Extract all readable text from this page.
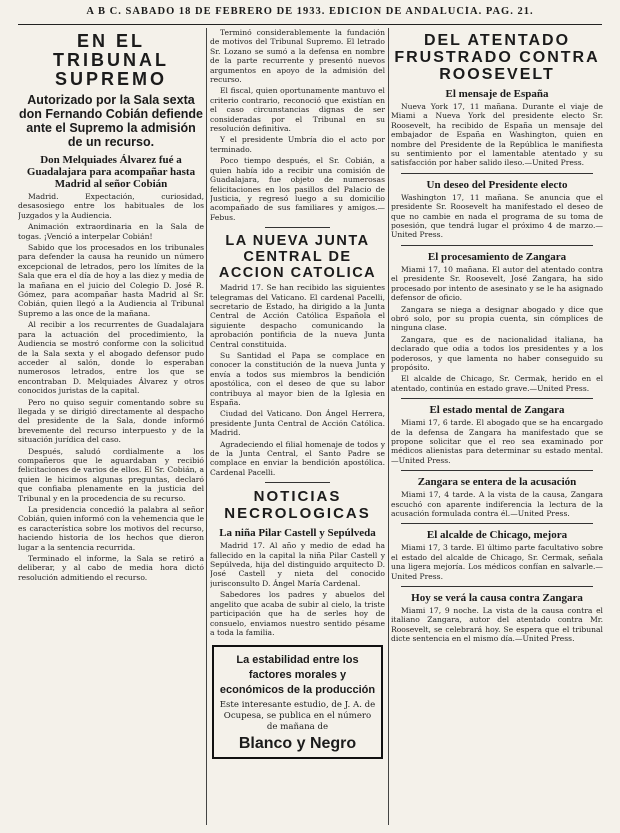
A B C. SÁBADO 18 DE FEBRERO DE 1933. EDICIÓN DE ANDALUCÍA. PAG. 21.
EN EL TRIBUNAL SUPREMO
Autorizado por la Sala sexta don Fernando Cobián defiende ante el Supremo la admisión de un recurso.
Don Melquiades Álvarez fué a Guadalajara para acompañar hasta Madrid al señor Cobián

Madrid. Expectación, curiosidad, desasosiego entre los habituales de los Juzgados y la Audiencia.

Animación extraordinaria en la Sala de togas. ¡Venció a interpelar Cobián!

Sabido que los procesados en los tribunales para defender la causa ha reunido un número excepcional de letrados, pero los límites de la Sala que era el día de hoy a las diez y media de la mañana en el juicio del Colegio D. José R. Gómez, para acompañar hasta Madrid al Sr. Cobián, quien llegó a la Audiencia al Tribunal Supremo a las once de la mañana.

Al recibir a los recurrentes de Guadalajara para la actuación del procedimiento, la Audiencia se mostró conforme con la solicitud de la Sala sexta y el abogado defensor pudo acceder al salón, donde lo esperaban numerosos letrados, entre los que se encontraban D. Melquiades Álvarez y otros conocidos juristas de la capital.

Pero no quiso seguir comentando sobre su llegada y se dirigió directamente al despacho del presidente de la Sala, donde informó brevemente del recurso interpuesto y de la situación jurídica del caso.

Después, saludó cordialmente a los compañeros que le aguardaban y recibió felicitaciones de varios de ellos. El Sr. Cobián, a quien le hicimos algunas preguntas, declaró que confiaba plenamente en la justicia del Tribunal y en la procedencia de su recurso.

La presidencia concedió la palabra al señor Cobián, quien informó con la vehemencia que le es característica sobre los motivos del recurso, haciendo historia de los hechos que dieron lugar a la sentencia recurrida.

Terminado el informe, la Sala se retiró a deliberar, y al cabo de media hora dictó resolución admitiendo el recurso.

Terminó considerablemente la fundación de motivos del Tribunal Supremo. El letrado Sr. Lozano se sumó a la defensa en nombre de la parte recurrente y presentó nuevos argumentos en apoyo de la admisión del recurso.

El fiscal, quien oportunamente mantuvo el criterio contrario, reconoció que existían en el caso circunstancias dignas de ser consideradas por el Tribunal en su resolución definitiva.

Y el presidente Umbría dio el acto por terminado.

Poco tiempo después, el Sr. Cobián, a quien había ido a recibir una comisión de Guadalajara, fue objeto de numerosas felicitaciones en los pasillos del Palacio de Justicia, y regresó luego a su domicilio acompañado de sus familiares y amigos.—Febus.

LA NUEVA JUNTA CENTRAL DE ACCION CATOLICA

Madrid 17. Se han recibido las siguientes telegramas del Vaticano. El cardenal Pacelli, secretario de Estado, ha dirigido a la Junta Central de Acción Católica Española el siguiente despacho comunicando la aprobación pontificia de la nueva Junta Central constituida.

Su Santidad el Papa se complace en conocer la constitución de la nueva Junta y envía a todos sus miembros la bendición apostólica, con el deseo de que su labor contribuya al mayor bien de la Iglesia en España.

Ciudad del Vaticano. Don Ángel Herrera, presidente Junta Central de Acción Católica. Madrid.

Agradeciendo el filial homenaje de todos y de la Junta Central, el Santo Padre se complace en enviar la bendición apostólica. Cardenal Pacelli.

NOTICIAS NECROLOGICAS
La niña Pilar Castell y Sepúlveda

Madrid 17. Al año y medio de edad ha fallecido en la capital la niña Pilar Castell y Sepúlveda, hija del distinguido arquitecto D. José Castell y nieta del conocido jurisconsulto D. Ángel María Cardenal.

Sabedores los padres y abuelos del angelito que acaba de subir al cielo, la triste participación que ha de serles hoy de consuelo, enviamos nuestro sentido pésame a toda la familia.

La estabilidad entre los factores morales y económicos de la producción
Este interesante estudio, de J. A. de Ocupesa, se publica en el número de mañana de
Blanco y Negro
DEL ATENTADO FRUSTRADO CONTRA ROOSEVELT
El mensaje de España

Nueva York 17, 11 mañana. Durante el viaje de Miami a Nueva York del presidente electo Sr. Roosevelt, ha recibido de España un mensaje del embajador de España en Washington, quien en nombre del Presidente de la República le manifiesta su sentimiento por el lamentable atentado y su satisfacción por haber salido ileso.—United Press.

Un deseo del Presidente electo

Washington 17, 11 mañana. Se anuncia que el presidente Sr. Roosevelt ha manifestado el deseo de que no cambie en nada el programa de su toma de posesión, que tendrá lugar el próximo 4 de marzo.—United Press.

El procesamiento de Zangara

Miami 17, 10 mañana. El autor del atentado contra el presidente Sr. Roosevelt, José Zangara, ha sido procesado por intento de asesinato y se le ha asignado defensor de oficio.

Zangara se niega a designar abogado y dice que obró solo, por su propia cuenta, sin cómplices de ninguna clase.

Zangara, que es de nacionalidad italiana, ha declarado que odia a todos los presidentes y a los poderosos, y que lamenta no haber conseguido su propósito.

El alcalde de Chicago, Sr. Cermak, herido en el atentado, continúa en estado grave.—United Press.

El estado mental de Zangara

Miami 17, 6 tarde. El abogado que se ha encargado de la defensa de Zangara ha manifestado que se propone solicitar que el reo sea examinado por médicos alienistas para determinar su estado mental.—United Press.

Zangara se entera de la acusación

Miami 17, 4 tarde. A la vista de la causa, Zangara escuchó con aparente indiferencia la lectura de la acusación formulada contra él.—United Press.

El alcalde de Chicago, mejora

Miami 17, 3 tarde. El último parte facultativo sobre el estado del alcalde de Chicago, Sr. Cermak, señala una ligera mejoría. Los médicos confían en salvarle.—United Press.

Hoy se verá la causa contra Zangara

Miami 17, 9 noche. La vista de la causa contra el italiano Zangara, autor del atentado contra Mr. Roosevelt, se celebrará hoy. Se espera que el tribunal dicte sentencia en el mismo día.—United Press.
